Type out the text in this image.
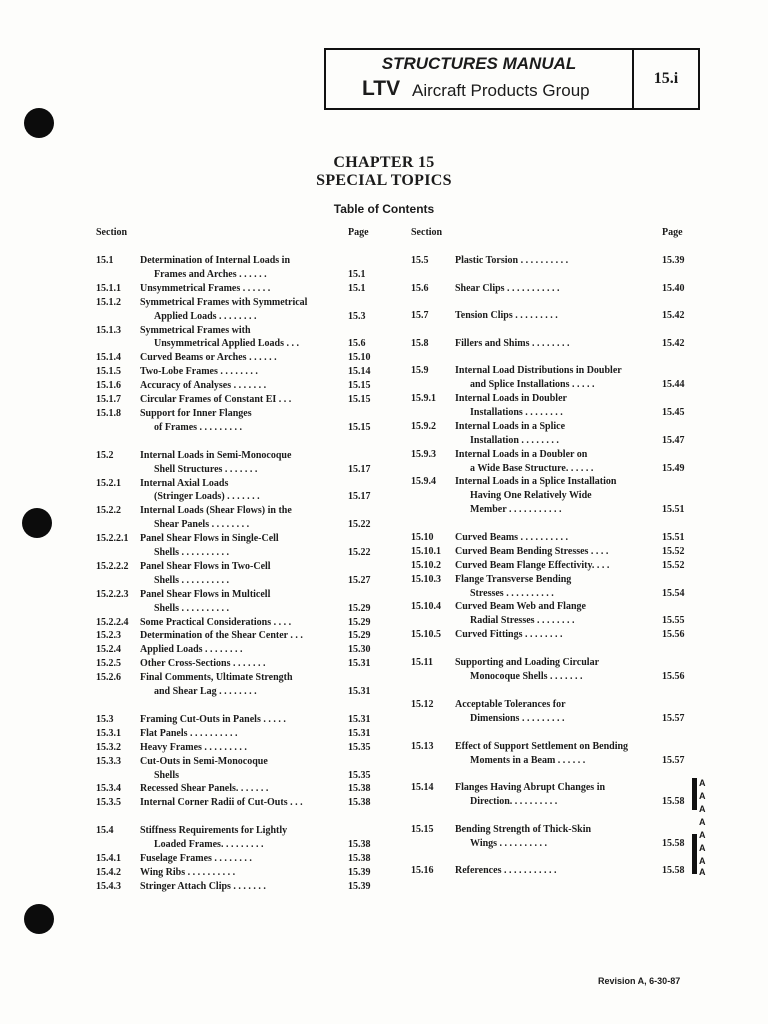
STRUCTURES MANUAL
LTV Aircraft Products Group
15.i
CHAPTER 15
SPECIAL TOPICS
Table of Contents
Section	Page	Section	Page
15.1	Determination of Internal Loads in
Frames and Arches . . . . . .	15.1
15.1.1 Unsymmetrical Frames . . . . . .	15.1
15.1.2 Symmetrical Frames with Symmetrical
Applied Loads . . . . . . . .	15.3
15.1.3 Symmetrical Frames with
Unsymmetrical Applied Loads . . .	15.6
15.1.4 Curved Beams or Arches . . . . . .	15.10
15.1.5 Two-Lobe Frames . . . . . . . .	15.14
15.1.6 Accuracy of Analyses . . . . . . .	15.15
15.1.7 Circular Frames of Constant EI . . .	15.15
15.1.8 Support for Inner Flanges
of Frames . . . . . . . . .	15.15
15.2	Internal Loads in Semi-Monocoque
Shell Structures . . . . . . .	15.17
15.2.1 Internal Axial Loads
(Stringer Loads) . . . . . . .	15.17
15.2.2 Internal Loads (Shear Flows) in the
Shear Panels . . . . . . . .	15.22
15.2.2.1 Panel Shear Flows in Single-Cell
Shells . . . . . . . . . .	15.22
15.2.2.2 Panel Shear Flows in Two-Cell
Shells . . . . . . . . . .	15.27
15.2.2.3 Panel Shear Flows in Multicell
Shells . . . . . . . . . .	15.29
15.2.2.4 Some Practical Considerations . . . .	15.29
15.2.3 Determination of the Shear Center . . .	15.29
15.2.4 Applied Loads . . . . . . . .	15.30
15.2.5 Other Cross-Sections . . . . . . .	15.31
15.2.6 Final Comments, Ultimate Strength
and Shear Lag . . . . . . . .	15.31
15.3	Framing Cut-Outs in Panels . . . . .	15.31
15.3.1 Flat Panels . . . . . . . . . .	15.31
15.3.2 Heavy Frames . . . . . . . . .	15.35
15.3.3 Cut-Outs in Semi-Monocoque
Shells	15.35
15.3.4 Recessed Shear Panels. . . . . . .	15.38
15.3.5 Internal Corner Radii of Cut-Outs . . .	15.38
15.4	Stiffness Requirements for Lightly
Loaded Frames. . . . . . . . .	15.38
15.4.1 Fuselage Frames . . . . . . . .	15.38
15.4.2 Wing Ribs . . . . . . . . . .	15.39
15.4.3 Stringer Attach Clips . . . . . . .	15.39
15.5	Plastic Torsion . . . . . . . . . .	15.39
15.6	Shear Clips . . . . . . . . . . .	15.40
15.7	Tension Clips . . . . . . . . .	15.42
15.8	Fillers and Shims . . . . . . . .	15.42
15.9	Internal Load Distributions in Doubler
and Splice Installations . . . . .	15.44
15.9.1 Internal Loads in Doubler
Installations . . . . . . . .	15.45
15.9.2 Internal Loads in a Splice
Installation . . . . . . . .	15.47
15.9.3 Internal Loads in a Doubler on
a Wide Base Structure. . . . . .	15.49
15.9.4 Internal Loads in a Splice Installation
Having One Relatively Wide
Member . . . . . . . . . . .	15.51
15.10 Curved Beams . . . . . . . . . .	15.51
15.10.1 Curved Beam Bending Stresses . . . .	15.52
15.10.2 Curved Beam Flange Effectivity. . . .	15.52
15.10.3 Flange Transverse Bending
Stresses . . . . . . . . . .	15.54
15.10.4 Curved Beam Web and Flange
Radial Stresses . . . . . . . .	15.55
15.10.5 Curved Fittings . . . . . . . .	15.56
15.11 Supporting and Loading Circular
Monocoque Shells . . . . . . .	15.56
15.12 Acceptable Tolerances for
Dimensions . . . . . . . . .	15.57
15.13 Effect of Support Settlement on Bending
Moments in a Beam . . . . . .	15.57
15.14 Flanges Having Abrupt Changes in
Direction. . . . . . . . . .	15.58
15.15 Bending Strength of Thick-Skin
Wings . . . . . . . . . .	15.58
15.16 References . . . . . . . . . . .	15.58
A
A
A
A
A
A
A
A
Revision A, 6-30-87
